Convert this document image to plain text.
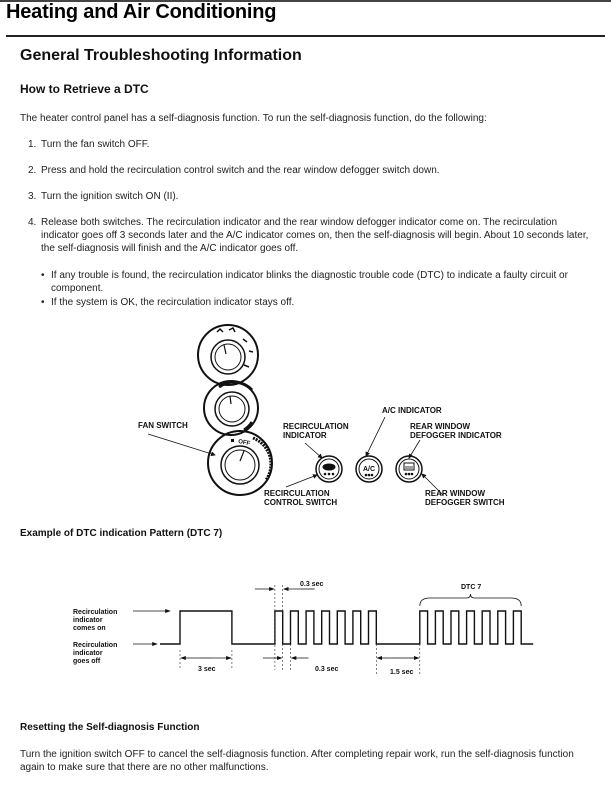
Heating and Air Conditioning
General Troubleshooting Information
How to Retrieve a DTC

The heater control panel has a self-diagnosis function. To run the self-diagnosis function, do the following:

1. Turn the fan switch OFF.
2. Press and hold the recirculation control switch and the rear window defogger switch down.
3. Turn the ignition switch ON (II).
4. Release both switches. The recirculation indicator and the rear window defogger indicator come on. The recirculation indicator goes off 3 seconds later and the A/C indicator comes on, then the self-diagnosis will begin. About 10 seconds later, the self-diagnosis will finish and the A/C indicator goes off.
• If any trouble is found, the recirculation indicator blinks the diagnostic trouble code (DTC) to indicate a faulty circuit or component.
• If the system is OK, the recirculation indicator stays off.
OFF
A/C
FAN SWITCH	RECIRCULATION
INDICATOR
A/C INDICATOR
REAR WINDOW
DEFOGGER INDICATOR
RECIRCULATION
CONTROL SWITCH
REAR WINDOW
DEFOGGER SWITCH
Example of DTC indication Pattern (DTC 7)
Recirculation
indicator
comes on
Recirculation
indicator
goes off
3 sec
0.3 sec
0.3 sec	1.5 sec
DTC 7
Resetting the Self-diagnosis Function

Turn the ignition switch OFF to cancel the self-diagnosis function. After completing repair work, run the self-diagnosis function again to make sure that there are no other malfunctions.
